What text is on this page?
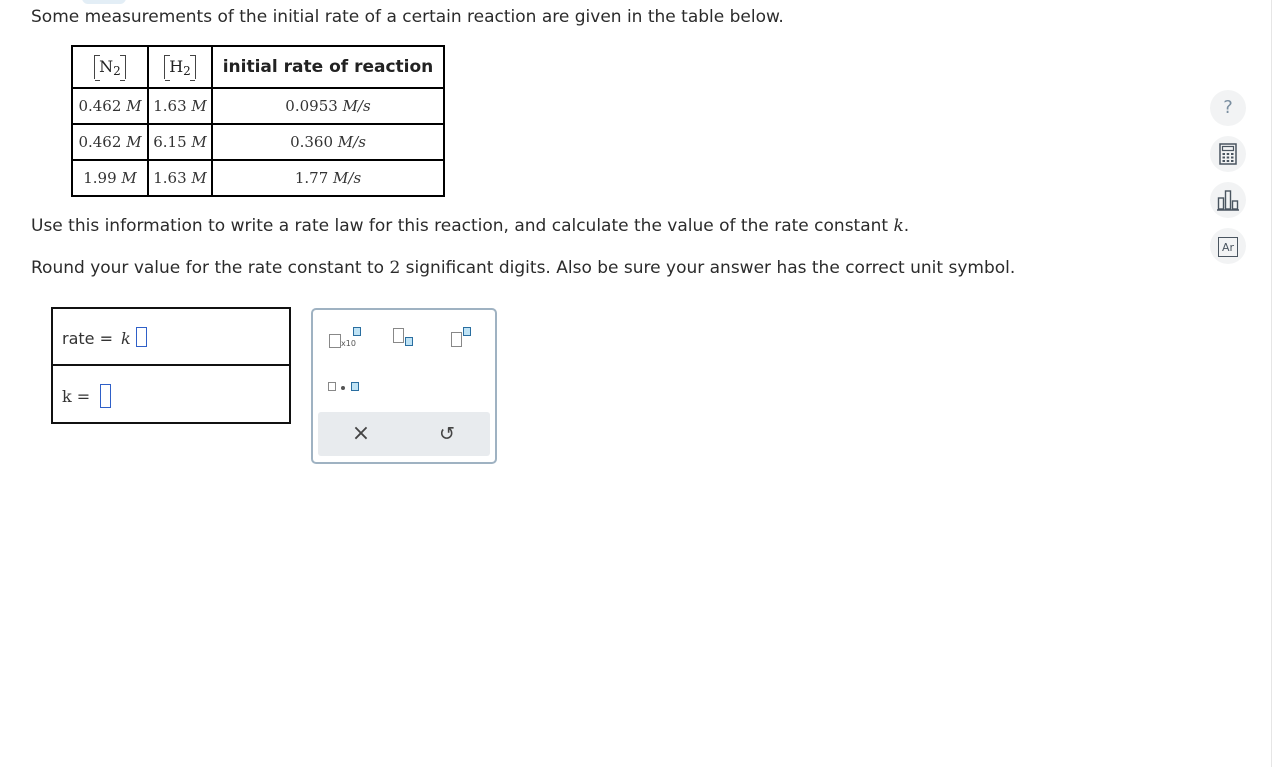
Some measurements of the initial rate of a certain reaction are given in the table below.
$N_2$	$H_2$	initial rate of reaction
0.462 M	1.63 M	0.0953 M/s
0.462 M	6.15 M	0.360 M/s
1.99 M	1.63 M	1.77 M/s
Use this information to write a rate law for this reaction, and calculate the value of the rate constant k.
Round your value for the rate constant to 2 significant digits. Also be sure your answer has the correct unit symbol.
rate = k
k =
x10
×	↺
?
Ar
